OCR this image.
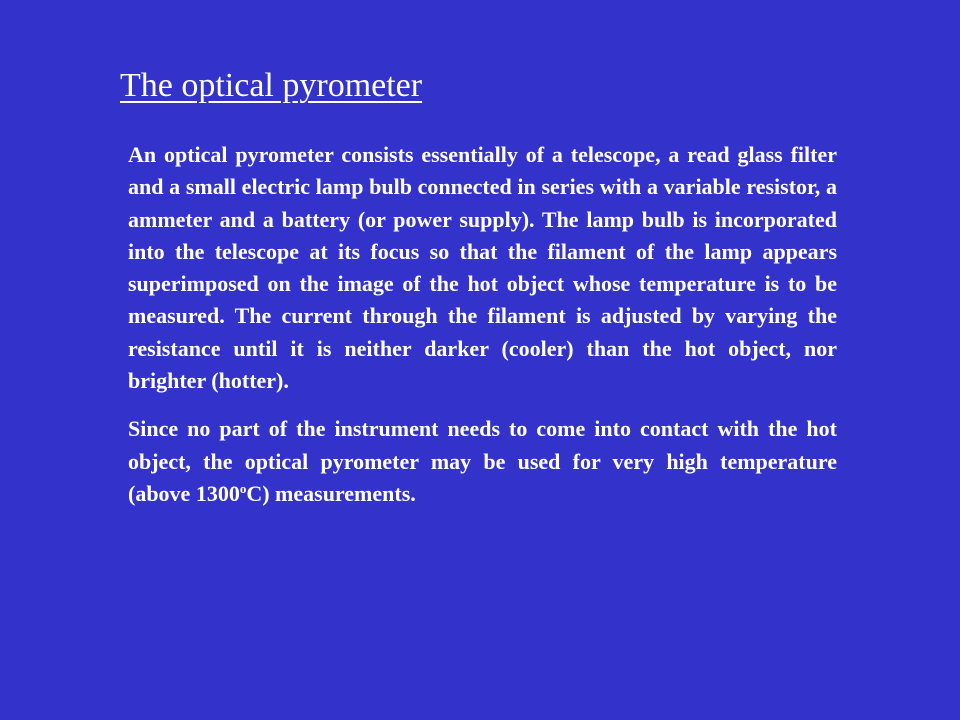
The optical pyrometer

An optical pyrometer consists essentially of a telescope, a read glass filter and a small electric lamp bulb connected in series with a variable resistor, a ammeter and a battery (or power supply). The lamp bulb is incorporated into the telescope at its focus so that the filament of the lamp appears superimposed on the image of the hot object whose temperature is to be measured. The current through the filament is adjusted by varying the resistance until it is neither darker (cooler) than the hot object, nor brighter (hotter).

Since no part of the instrument needs to come into contact with the hot object, the optical pyrometer may be used for very high temperature (above 1300$^o$C) measurements.
